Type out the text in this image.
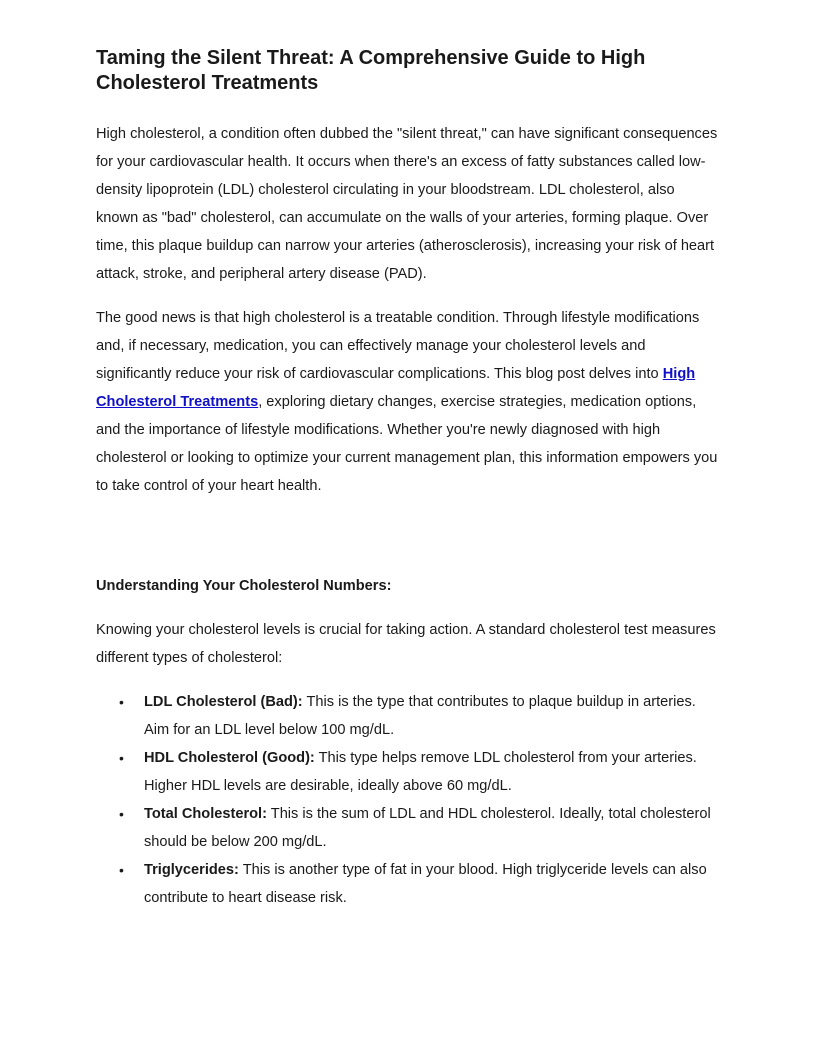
Taming the Silent Threat: A Comprehensive Guide to High Cholesterol Treatments

High cholesterol, a condition often dubbed the "silent threat," can have significant consequences for your cardiovascular health. It occurs when there's an excess of fatty substances called low-density lipoprotein (LDL) cholesterol circulating in your bloodstream. LDL cholesterol, also known as "bad" cholesterol, can accumulate on the walls of your arteries, forming plaque. Over time, this plaque buildup can narrow your arteries (atherosclerosis), increasing your risk of heart attack, stroke, and peripheral artery disease (PAD).

The good news is that high cholesterol is a treatable condition. Through lifestyle modifications and, if necessary, medication, you can effectively manage your cholesterol levels and significantly reduce your risk of cardiovascular complications. This blog post delves into High Cholesterol Treatments, exploring dietary changes, exercise strategies, medication options, and the importance of lifestyle modifications. Whether you're newly diagnosed with high cholesterol or looking to optimize your current management plan, this information empowers you to take control of your heart health.

Understanding Your Cholesterol Numbers:

Knowing your cholesterol levels is crucial for taking action. A standard cholesterol test measures different types of cholesterol:

• LDL Cholesterol (Bad): This is the type that contributes to plaque buildup in arteries. Aim for an LDL level below 100 mg/dL.
• HDL Cholesterol (Good): This type helps remove LDL cholesterol from your arteries. Higher HDL levels are desirable, ideally above 60 mg/dL.
• Total Cholesterol: This is the sum of LDL and HDL cholesterol. Ideally, total cholesterol should be below 200 mg/dL.
• Triglycerides: This is another type of fat in your blood. High triglyceride levels can also contribute to heart disease risk.
